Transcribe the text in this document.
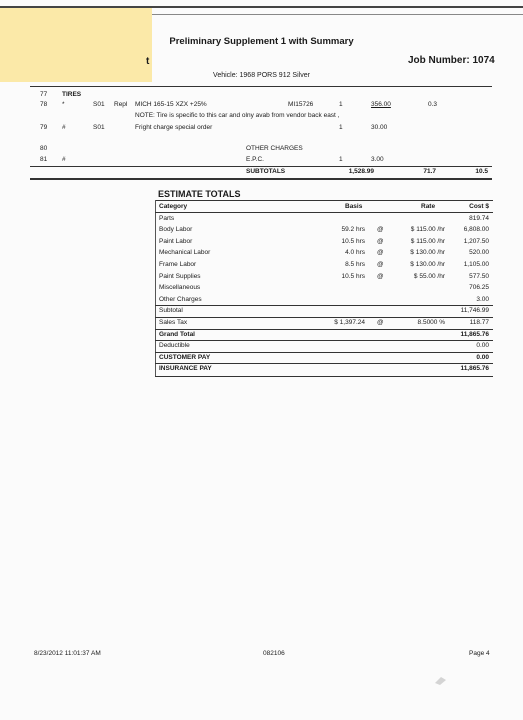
Preliminary Supplement 1 with Summary
t	Job Number: 1074
Vehicle: 1968 PORS 912 Silver
77 TIRES
78 *	S01 Repl MICH 165-15 XZX +25%	MI15726	1	356.00	0.3
NOTE: Tire is specific to this car and olny avab from vendor back east ,
79 #	S01	Fright charge special order	1	30.00
80	OTHER CHARGES
81 #	E.P.C.	1	3.00
SUBTOTALS	1,528.99	71.7	10.5
ESTIMATE TOTALS
Category	Basis	Rate	Cost $
Parts	819.74
Body Labor	59.2 hrs @	$ 115.00 /hr	6,808.00
Paint Labor	10.5 hrs @	$ 115.00 /hr	1,207.50
Mechanical Labor	4.0 hrs @	$ 130.00 /hr	520.00
Frame Labor	8.5 hrs @	$ 130.00 /hr	1,105.00
Paint Supplies	10.5 hrs @	$ 55.00 /hr	577.50
Miscellaneous	706.25
Other Charges	3.00
Subtotal	11,746.99
Sales Tax	$ 1,397.24 @	8.5000 %	118.77
Grand Total	11,865.76
Deductible	0.00
CUSTOMER PAY	0.00
INSURANCE PAY	11,865.76
8/23/2012 11:01:37 AM	082106	Page 4
